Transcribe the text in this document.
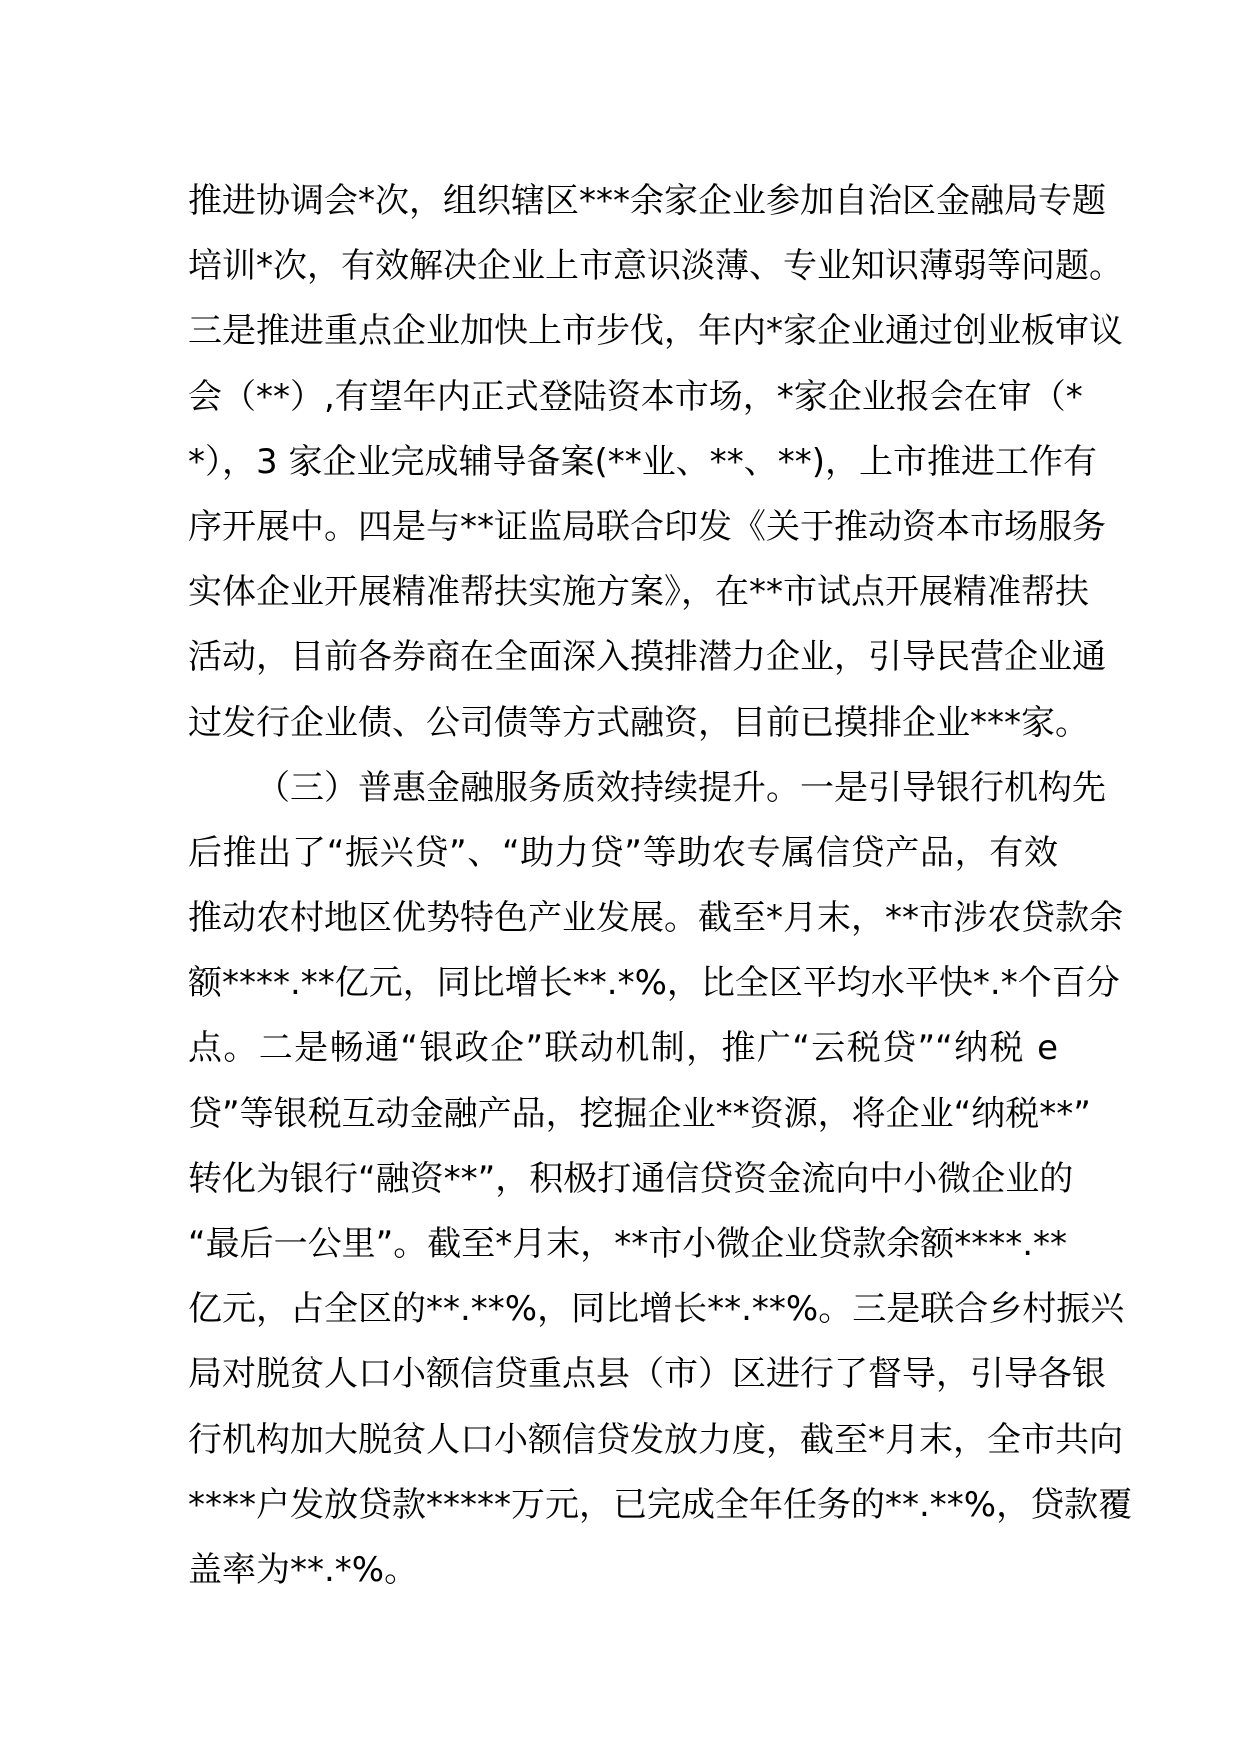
推进协调会*次，组织辖区***余家企业参加自治区金融局专题
培训*次，有效解决企业上市意识淡薄、专业知识薄弱等问题。
三是推进重点企业加快上市步伐，年内*家企业通过创业板审议
会（**）,有望年内正式登陆资本市场，*家企业报会在审（*
*），3 家企业完成辅导备案(**业、**、**)，上市推进工作有
序开展中。四是与**证监局联合印发《关于推动资本市场服务
实体企业开展精准帮扶实施方案》，在**市试点开展精准帮扶
活动，目前各券商在全面深入摸排潜力企业，引导民营企业通
过发行企业债、公司债等方式融资，目前已摸排企业***家。
（三）普惠金融服务质效持续提升。一是引导银行机构先
后推出了“振兴贷”、“助力贷”等助农专属信贷产品，有效
推动农村地区优势特色产业发展。截至*月末，**市涉农贷款余
额****.**亿元，同比增长**.*%，比全区平均水平快*.*个百分
点。二是畅通“银政企”联动机制，推广“云税贷”“纳税 e
贷”等银税互动金融产品，挖掘企业**资源，将企业“纳税**”
转化为银行“融资**”，积极打通信贷资金流向中小微企业的
“最后一公里”。截至*月末，**市小微企业贷款余额****.**
亿元，占全区的**.**%，同比增长**.**%。三是联合乡村振兴
局对脱贫人口小额信贷重点县（市）区进行了督导，引导各银
行机构加大脱贫人口小额信贷发放力度，截至*月末，全市共向
****户发放贷款*****万元，已完成全年任务的**.**%，贷款覆
盖率为**.*%。
